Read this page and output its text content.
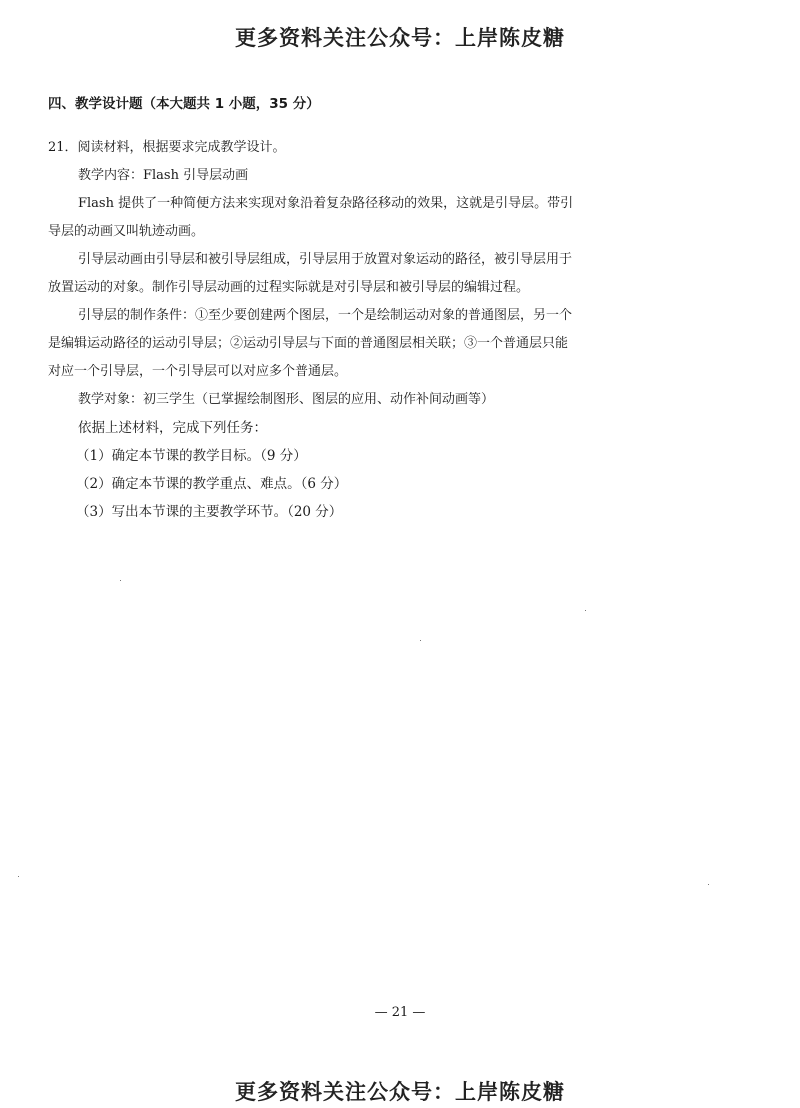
更多资料关注公众号：上岸陈皮糖
四、教学设计题（本大题共 1 小题，35 分）
21．阅读材料，根据要求完成教学设计。
教学内容：Flash 引导层动画
Flash 提供了一种简便方法来实现对象沿着复杂路径移动的效果，这就是引导层。带引
导层的动画又叫轨迹动画。
引导层动画由引导层和被引导层组成，引导层用于放置对象运动的路径，被引导层用于
放置运动的对象。制作引导层动画的过程实际就是对引导层和被引导层的编辑过程。
引导层的制作条件：①至少要创建两个图层，一个是绘制运动对象的普通图层，另一个
是编辑运动路径的运动引导层；②运动引导层与下面的普通图层相关联；③一个普通层只能
对应一个引导层，一个引导层可以对应多个普通层。
教学对象：初三学生（已掌握绘制图形、图层的应用、动作补间动画等）
依据上述材料，完成下列任务：
（1）确定本节课的教学目标。（9 分）
（2）确定本节课的教学重点、难点。（6 分）
（3）写出本节课的主要教学环节。（20 分）
— 21 —
更多资料关注公众号：上岸陈皮糖
